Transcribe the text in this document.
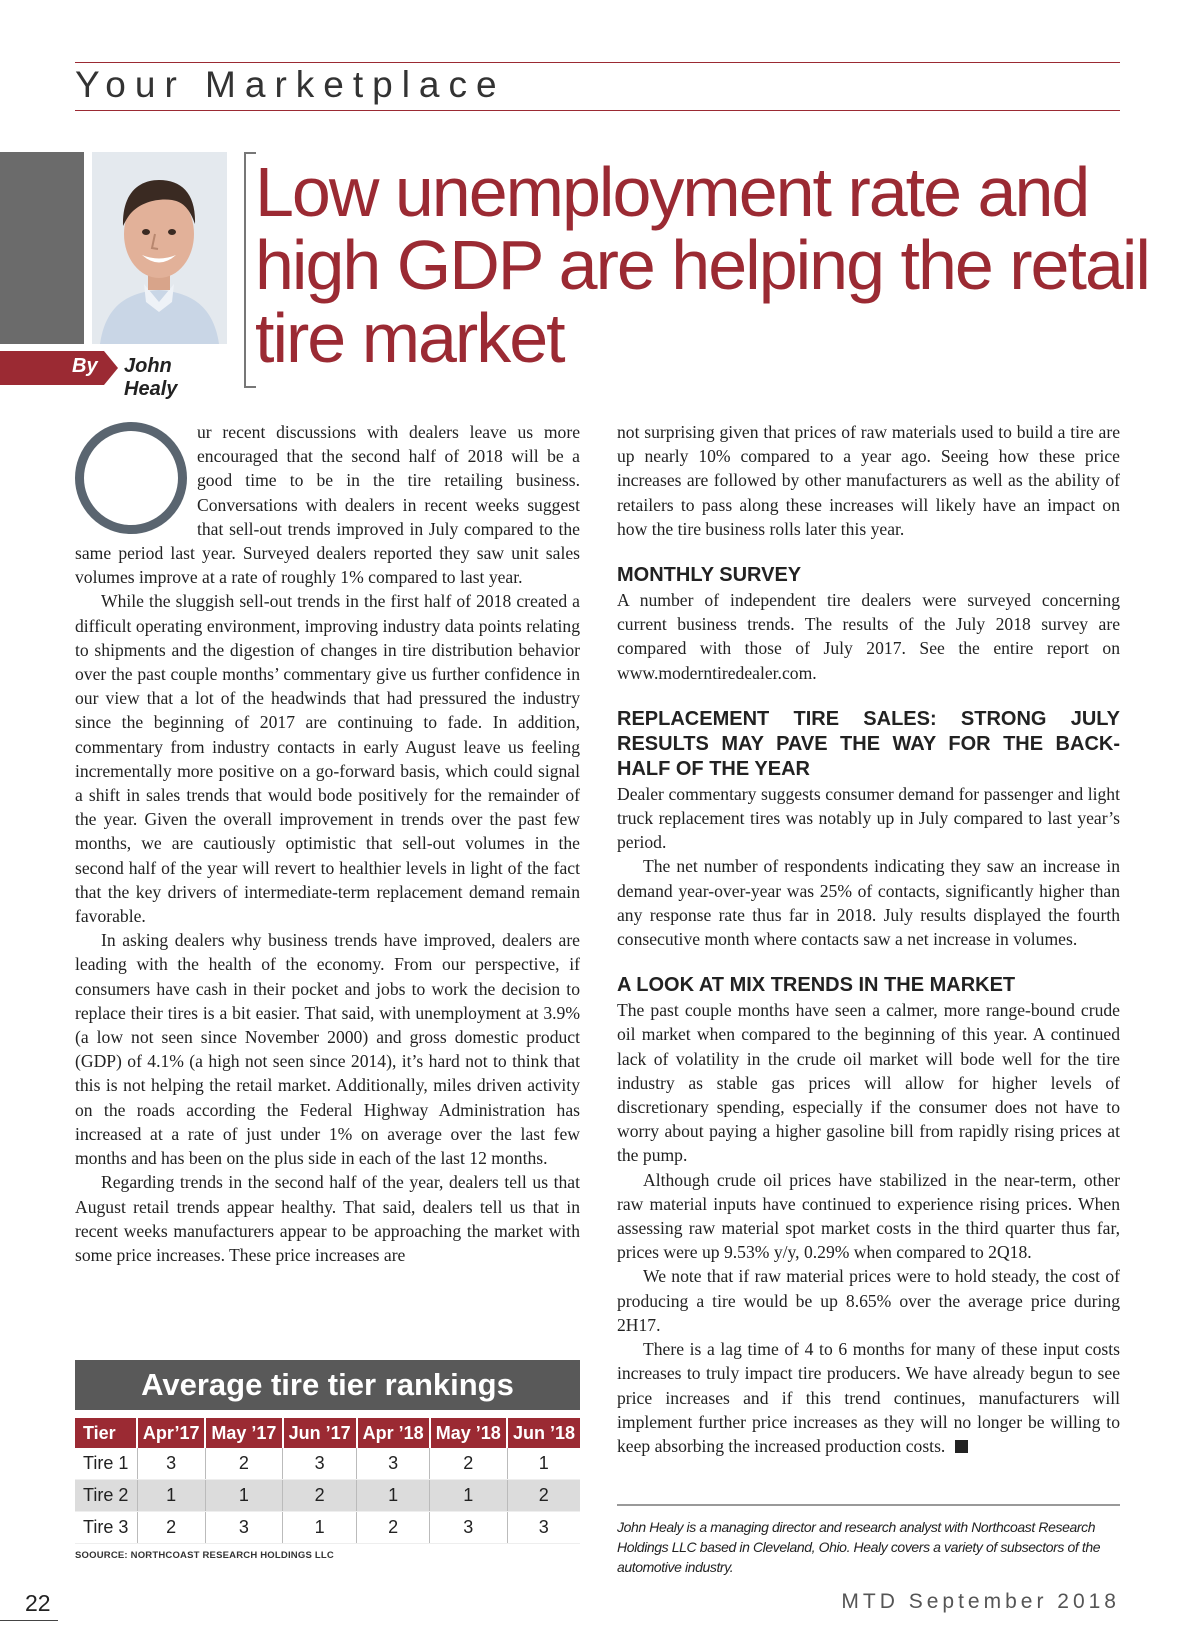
Your Marketplace
By John Healy
Low unemployment rate and high GDP are helping the retail tire market

ur recent discussions with dealers leave us more encouraged that the second half of 2018 will be a good time to be in the tire retailing business. Conversations with dealers in recent weeks suggest that sell-out trends improved in July compared to the same period last year. Surveyed dealers reported they saw unit sales volumes improve at a rate of roughly 1% compared to last year.

While the sluggish sell-out trends in the first half of 2018 created a difficult operating environment, improving industry data points relating to shipments and the digestion of changes in tire distribution behavior over the past couple months’ commentary give us further confidence in our view that a lot of the headwinds that had pressured the industry since the beginning of 2017 are continuing to fade. In addition, commentary from industry contacts in early August leave us feeling incrementally more positive on a go-forward basis, which could signal a shift in sales trends that would bode positively for the remainder of the year. Given the overall improvement in trends over the past few months, we are cautiously optimistic that sell-out volumes in the second half of the year will revert to healthier levels in light of the fact that the key drivers of intermediate-term replacement demand remain favorable.

In asking dealers why business trends have improved, dealers are leading with the health of the economy. From our perspective, if consumers have cash in their pocket and jobs to work the decision to replace their tires is a bit easier. That said, with unemployment at 3.9% (a low not seen since November 2000) and gross domestic product (GDP) of 4.1% (a high not seen since 2014), it’s hard not to think that this is not helping the retail market. Additionally, miles driven activity on the roads according the Federal Highway Administration has increased at a rate of just under 1% on average over the last few months and has been on the plus side in each of the last 12 months.

Regarding trends in the second half of the year, dealers tell us that August retail trends appear healthy. That said, dealers tell us that in recent weeks manufacturers appear to be approaching the market with some price increases. These price increases are

not surprising given that prices of raw materials used to build a tire are up nearly 10% compared to a year ago. Seeing how these price increases are followed by other manufacturers as well as the ability of retailers to pass along these increases will likely have an impact on how the tire business rolls later this year.

MONTHLY SURVEY

A number of independent tire dealers were surveyed concerning current business trends. The results of the July 2018 survey are compared with those of July 2017. See the entire report on www.moderntiredealer.com.

REPLACEMENT TIRE SALES: STRONG JULY RESULTS MAY PAVE THE WAY FOR THE BACK-HALF OF THE YEAR

Dealer commentary suggests consumer demand for passenger and light truck replacement tires was notably up in July compared to last year’s period.

The net number of respondents indicating they saw an increase in demand year-over-year was 25% of contacts, significantly higher than any response rate thus far in 2018. July results displayed the fourth consecutive month where contacts saw a net increase in volumes.

A LOOK AT MIX TRENDS IN THE MARKET

The past couple months have seen a calmer, more range-bound crude oil market when compared to the beginning of this year. A continued lack of volatility in the crude oil market will bode well for the tire industry as stable gas prices will allow for higher levels of discretionary spending, especially if the consumer does not have to worry about paying a higher gasoline bill from rapidly rising prices at the pump.

Although crude oil prices have stabilized in the near-term, other raw material inputs have continued to experience rising prices. When assessing raw material spot market costs in the third quarter thus far, prices were up 9.53% y/y, 0.29% when compared to 2Q18.

We note that if raw material prices were to hold steady, the cost of producing a tire would be up 8.65% over the average price during 2H17.

There is a lag time of 4 to 6 months for many of these input costs increases to truly impact tire producers. We have already begun to see price increases and if this trend continues, manufacturers will implement further price increases as they will no longer be willing to keep absorbing the increased production costs.

Average tire tier rankings
Tier	Apr’17	May ’17	Jun ’17	Apr ’18	May ’18	Jun ’18
Tire 1	3	2	3	3	2	1
Tire 2	1	1	2	1	1	2
Tire 3	2	3	1	2	3	3
SOOURCE: NORTHCOAST RESEARCH HOLDINGS LLC
John Healy is a managing director and research analyst with Northcoast Research Holdings LLC based in Cleveland, Ohio. Healy covers a variety of subsectors of the automotive industry.
22	MTD September 2018
